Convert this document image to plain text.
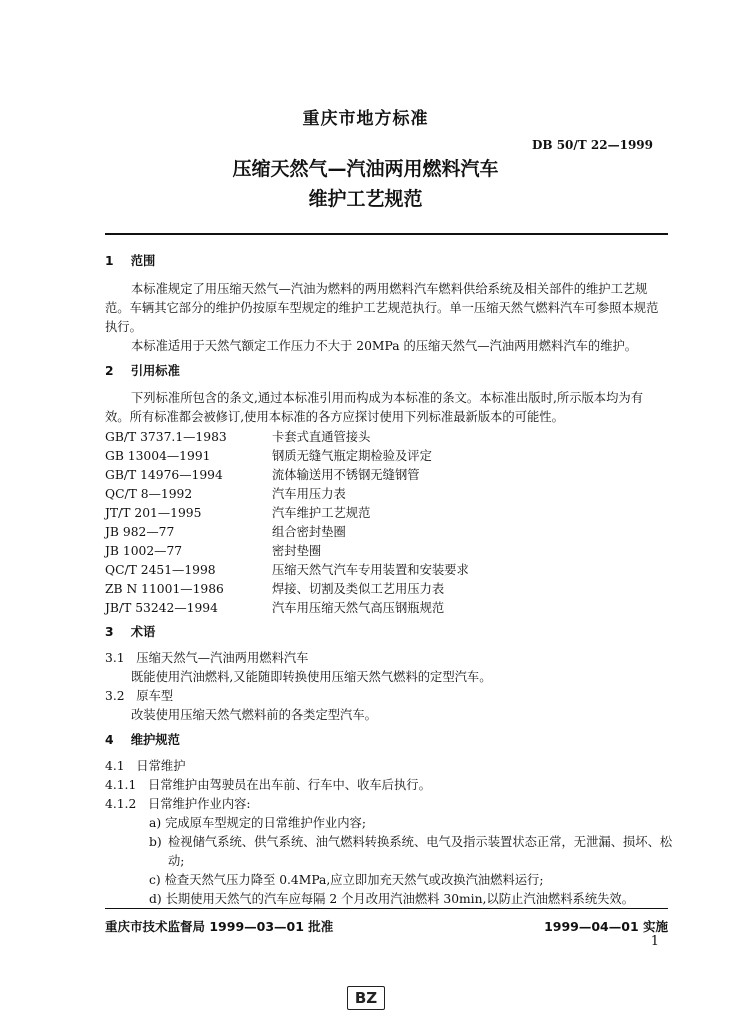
重庆市地方标准
DB 50/T 22—1999
压缩天然气—汽油两用燃料汽车
维护工艺规范
1 范围
本标准规定了用压缩天然气—汽油为燃料的两用燃料汽车燃料供给系统及相关部件的维护工艺规
范。车辆其它部分的维护仍按原车型规定的维护工艺规范执行。单一压缩天然气燃料汽车可参照本规范
执行。
本标准适用于天然气额定工作压力不大于 20MPa 的压缩天然气—汽油两用燃料汽车的维护。
2 引用标准
下列标准所包含的条文,通过本标准引用而构成为本标准的条文。本标准出版时,所示版本均为有
效。所有标准都会被修订,使用本标准的各方应探讨使用下列标准最新版本的可能性。
GB/T 3737.1—1983	卡套式直通管接头
GB 13004—1991	钢质无缝气瓶定期检验及评定
GB/T 14976—1994	流体输送用不锈钢无缝钢管
QC/T 8—1992	汽车用压力表
JT/T 201—1995	汽车维护工艺规范
JB 982—77	组合密封垫圈
JB 1002—77	密封垫圈
QC/T 2451—1998	压缩天然气汽车专用装置和安装要求
ZB N 11001—1986	焊接、切割及类似工艺用压力表
JB/T 53242—1994	汽车用压缩天然气高压钢瓶规范
3 术语
3.1 压缩天然气—汽油两用燃料汽车
既能使用汽油燃料,又能随即转换使用压缩天然气燃料的定型汽车。
3.2 原车型
改装使用压缩天然气燃料前的各类定型汽车。
4 维护规范
4.1 日常维护
4.1.1 日常维护由驾驶员在出车前、行车中、收车后执行。
4.1.2 日常维护作业内容:
a) 完成原车型规定的日常维护作业内容;
b) 检视储气系统、供气系统、油气燃料转换系统、电气及指示装置状态正常，无泄漏、损坏、松动;
c) 检查天然气压力降至 0.4MPa,应立即加充天然气或改换汽油燃料运行;
d) 长期使用天然气的汽车应每隔 2 个月改用汽油燃料 30min,以防止汽油燃料系统失效。
重庆市技术监督局 1999—03—01 批准	1999—04—01 实施
1
BZ
